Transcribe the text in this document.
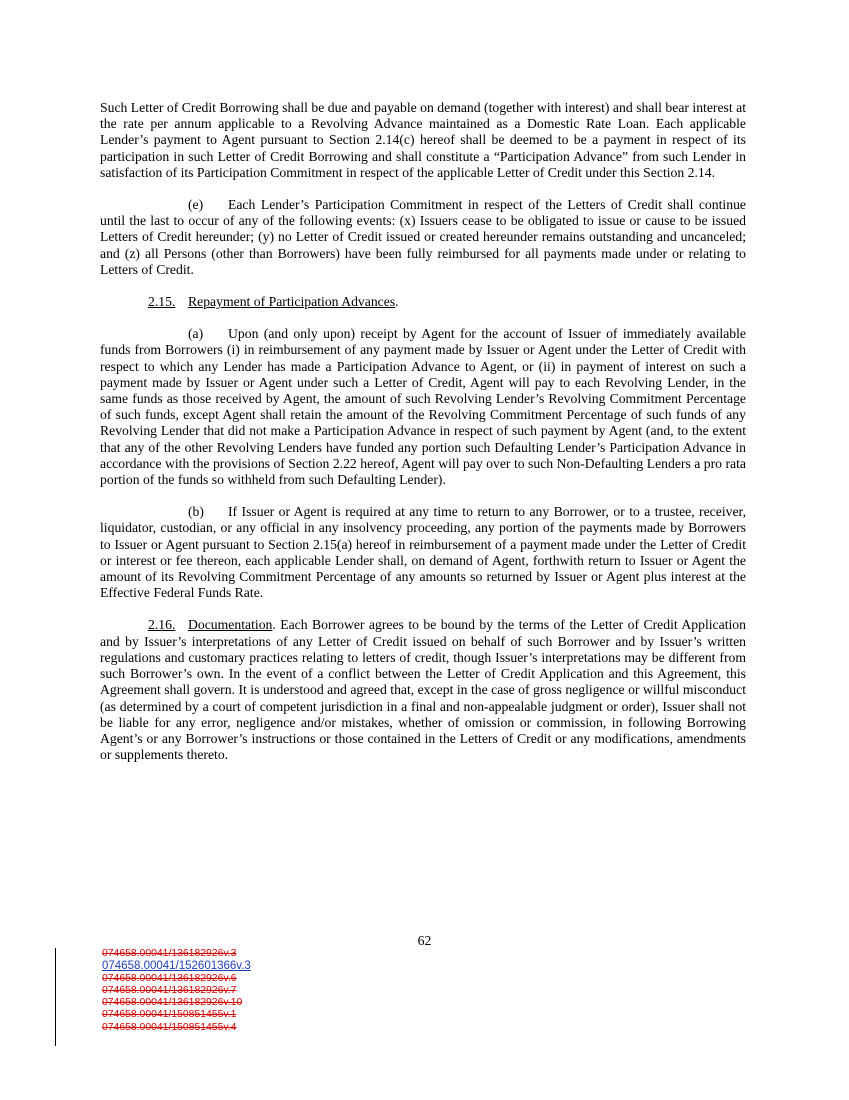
Such Letter of Credit Borrowing shall be due and payable on demand (together with interest) and shall bear interest at the rate per annum applicable to a Revolving Advance maintained as a Domestic Rate Loan. Each applicable Lender’s payment to Agent pursuant to Section 2.14(c) hereof shall be deemed to be a payment in respect of its participation in such Letter of Credit Borrowing and shall constitute a “Participation Advance” from such Lender in satisfaction of its Participation Commitment in respect of the applicable Letter of Credit under this Section 2.14.

(e) Each Lender’s Participation Commitment in respect of the Letters of Credit shall continue until the last to occur of any of the following events: (x) Issuers cease to be obligated to issue or cause to be issued Letters of Credit hereunder; (y) no Letter of Credit issued or created hereunder remains outstanding and uncanceled; and (z) all Persons (other than Borrowers) have been fully reimbursed for all payments made under or relating to Letters of Credit.

2.15. Repayment of Participation Advances.

(a) Upon (and only upon) receipt by Agent for the account of Issuer of immediately available funds from Borrowers (i) in reimbursement of any payment made by Issuer or Agent under the Letter of Credit with respect to which any Lender has made a Participation Advance to Agent, or (ii) in payment of interest on such a payment made by Issuer or Agent under such a Letter of Credit, Agent will pay to each Revolving Lender, in the same funds as those received by Agent, the amount of such Revolving Lender’s Revolving Commitment Percentage of such funds, except Agent shall retain the amount of the Revolving Commitment Percentage of such funds of any Revolving Lender that did not make a Participation Advance in respect of such payment by Agent (and, to the extent that any of the other Revolving Lenders have funded any portion such Defaulting Lender’s Participation Advance in accordance with the provisions of Section 2.22 hereof, Agent will pay over to such Non-Defaulting Lenders a pro rata portion of the funds so withheld from such Defaulting Lender).

(b) If Issuer or Agent is required at any time to return to any Borrower, or to a trustee, receiver, liquidator, custodian, or any official in any insolvency proceeding, any portion of the payments made by Borrowers to Issuer or Agent pursuant to Section 2.15(a) hereof in reimbursement of a payment made under the Letter of Credit or interest or fee thereon, each applicable Lender shall, on demand of Agent, forthwith return to Issuer or Agent the amount of its Revolving Commitment Percentage of any amounts so returned by Issuer or Agent plus interest at the Effective Federal Funds Rate.

2.16. Documentation. Each Borrower agrees to be bound by the terms of the Letter of Credit Application and by Issuer’s interpretations of any Letter of Credit issued on behalf of such Borrower and by Issuer’s written regulations and customary practices relating to letters of credit, though Issuer’s interpretations may be different from such Borrower’s own. In the event of a conflict between the Letter of Credit Application and this Agreement, this Agreement shall govern. It is understood and agreed that, except in the case of gross negligence or willful misconduct (as determined by a court of competent jurisdiction in a final and non-appealable judgment or order), Issuer shall not be liable for any error, negligence and/or mistakes, whether of omission or commission, in following Borrowing Agent’s or any Borrower’s instructions or those contained in the Letters of Credit or any modifications, amendments or supplements thereto.

62
074658.00041/136182926v.3
074658.00041/152601366v.3
074658.00041/136182926v.6
074658.00041/136182926v.7
074658.00041/136182926v.10
074658.00041/150851455v.1
074658.00041/150851455v.4
